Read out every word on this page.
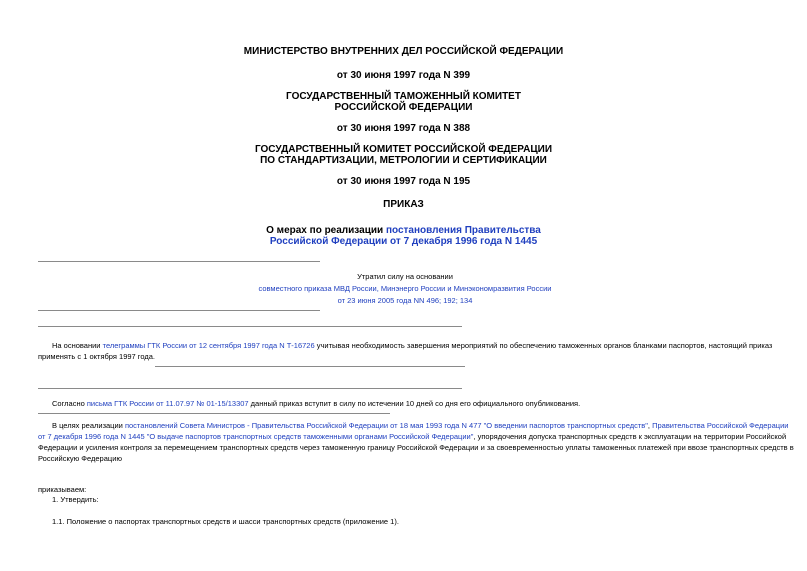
МИНИСТЕРСТВО ВНУТРЕННИХ ДЕЛ РОССИЙСКОЙ ФЕДЕРАЦИИ
от 30 июня 1997 года N 399
ГОСУДАРСТВЕННЫЙ ТАМОЖЕННЫЙ КОМИТЕТ
РОССИЙСКОЙ ФЕДЕРАЦИИ
от 30 июня 1997 года N 388
ГОСУДАРСТВЕННЫЙ КОМИТЕТ РОССИЙСКОЙ ФЕДЕРАЦИИ
ПО СТАНДАРТИЗАЦИИ, МЕТРОЛОГИИ И СЕРТИФИКАЦИИ
от 30 июня 1997 года N 195
ПРИКАЗ
О мерах по реализации постановления Правительства
Российской Федерации от 7 декабря 1996 года N 1445
Утратил силу на основании
совместного приказа МВД России, Минэнерго России и Минэкономразвития России
от 23 июня 2005 года NN 496; 192; 134
На основании телеграммы ГТК России от 12 сентября 1997 года N Т-16726 учитывая необходимость завершения мероприятий по обеспечению таможенных органов бланками паспортов, настоящий приказ
применять с 1 октября 1997 года.
Согласно письма ГТК России от 11.07.97 № 01-15/13307 данный приказ вступит в силу по истечении 10 дней со дня его официального опубликования.
В целях реализации постановлений Совета Министров - Правительства Российской Федерации от 18 мая 1993 года N 477 "О введении паспортов транспортных средств", Правительства Российской Федерации
от 7 декабря 1996 года N 1445 "О выдаче паспортов транспортных средств таможенными органами Российской Федерации", упорядочения допуска транспортных средств к эксплуатации на территории Российской
Федерации и усиления контроля за перемещением транспортных средств через таможенную границу Российской Федерации и за своевременностью уплаты таможенных платежей при ввозе транспортных средств в
Российскую Федерацию
приказываем:
1. Утвердить:
1.1. Положение о паспортах транспортных средств и шасси транспортных средств (приложение 1).
